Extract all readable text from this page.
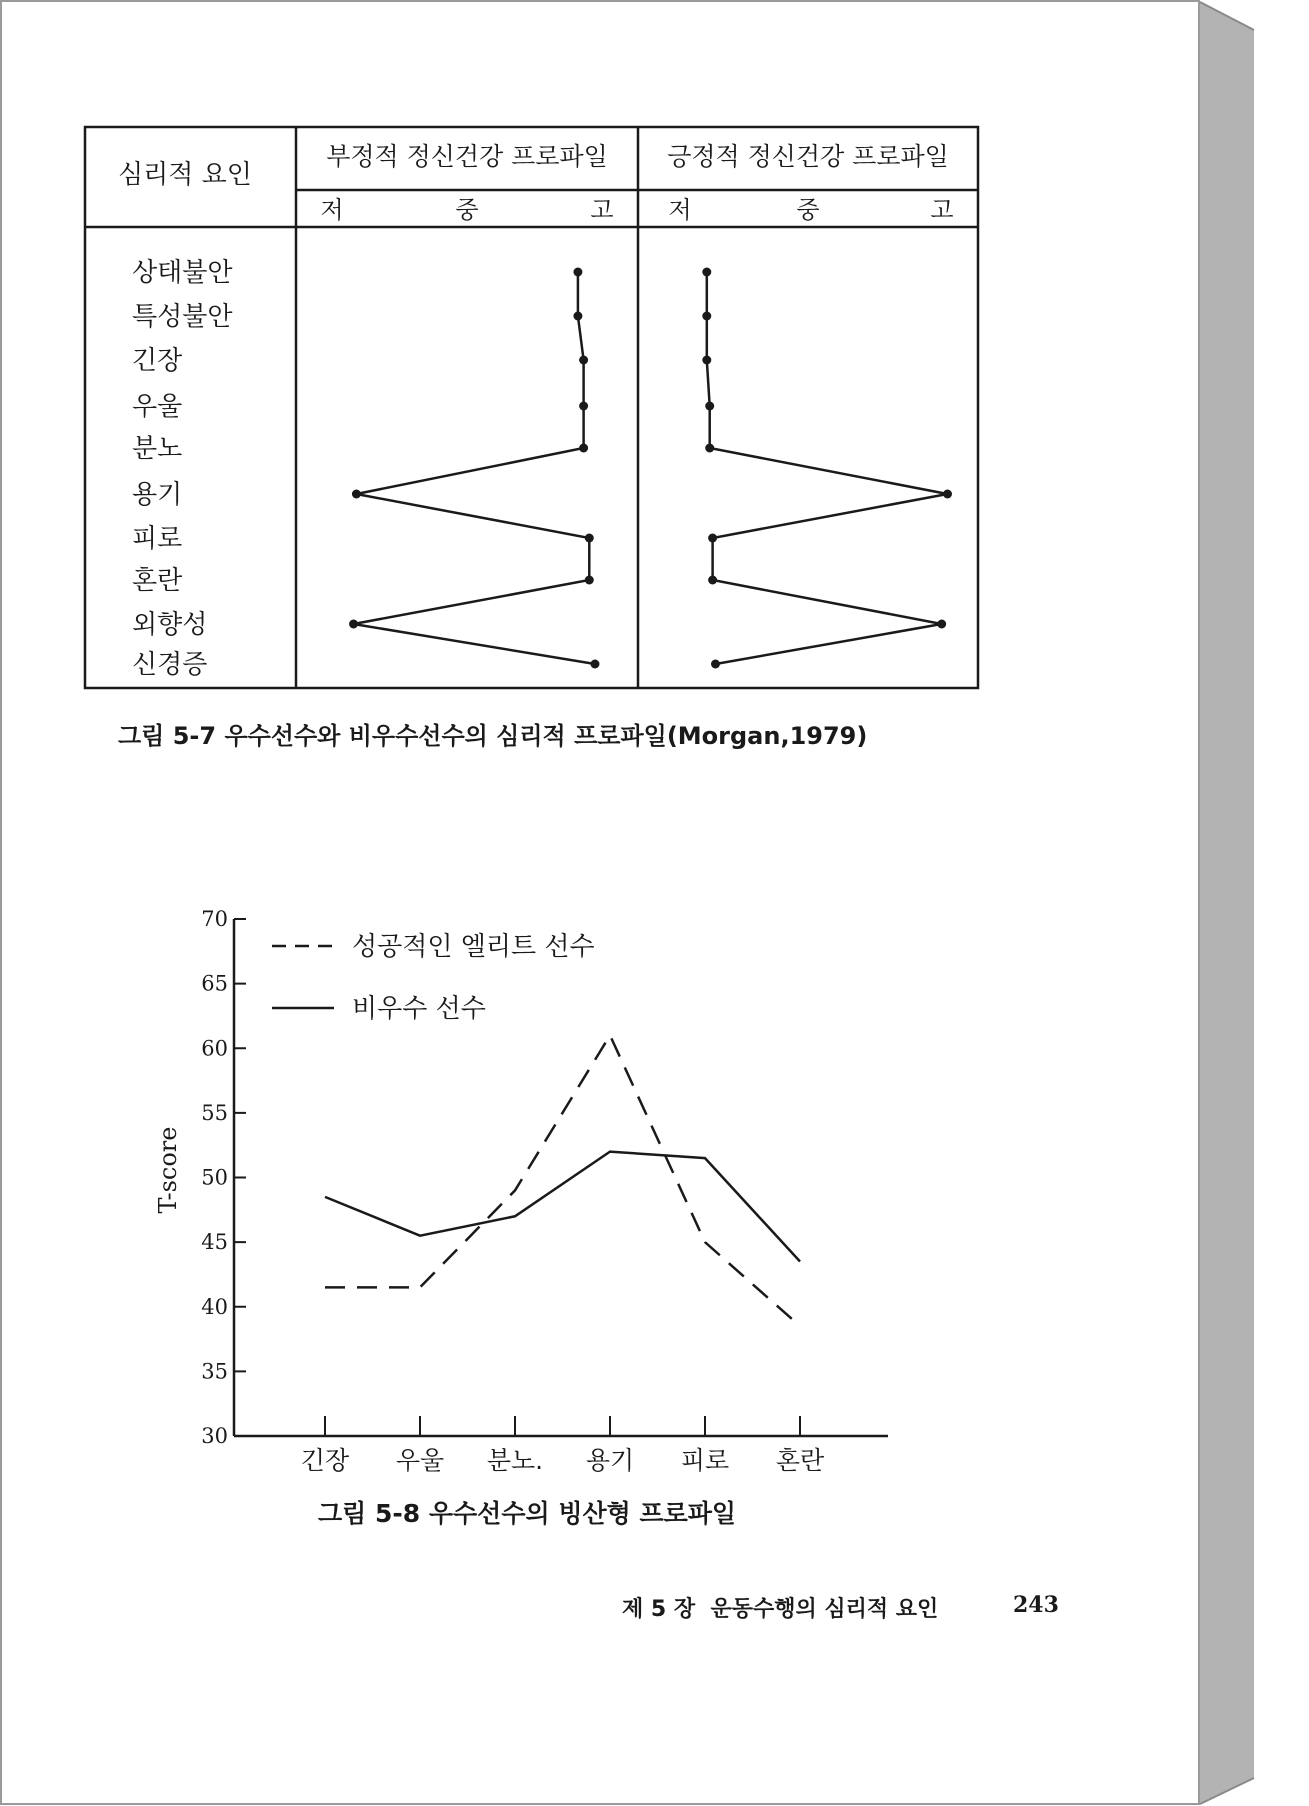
심리적 요인
부정적 정신건강 프로파일 긍정적 정신건강 프로파일
저	중	고 저	중	고
상태불안
특성불안
긴장
우울
분노
용기
피로
혼란
외향성
신경증
그림 5-7 우수선수와 비우수선수의 심리적 프로파일(Morgan,1979)
30
35
40
45
50
55
60
65
70
긴장 우울 분노. 용기 피로 혼란
T-score
성공적인 엘리트 선수
비우수 선수
그림 5-8 우수선수의 빙산형 프로파일
제 5 장  운동수행의 심리적 요인	243
